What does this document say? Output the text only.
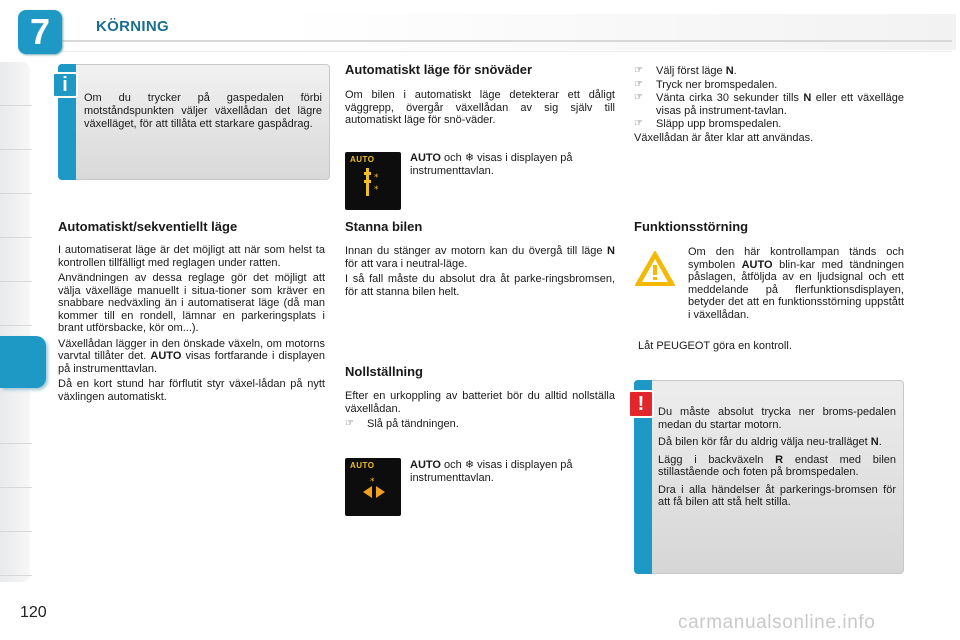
7	KÖRNING
i
Om du trycker på gaspedalen förbi motståndspunkten väljer växellådan det lägre växelläget, för att tillåta ett starkare gaspådrag.
Automatiskt/sekventiellt läge

I automatiserat läge är det möjligt att när som helst ta kontrollen tillfälligt med reglagen under ratten.

Användningen av dessa reglage gör det möjligt att välja växelläge manuellt i situa-tioner som kräver en snabbare nedväxling än i automatiserat läge (då man kommer till en rondell, lämnar en parkeringsplats i brant utförsbacke, kör om...).

Växellådan lägger in den önskade växeln, om motorns varvtal tillåter det. AUTO visas fortfarande i displayen på instrumenttavlan.

Då en kort stund har förflutit styr växel-lådan på nytt växlingen automatiskt.

Automatiskt läge för snöväder
Om bilen i automatiskt läge detekterar ett dåligt väggrepp, övergår växellådan av sig själv till automatiskt läge för snö-väder.
AUTO
*
*
AUTO och ❄ visas i displayen på instrumenttavlan.
Stanna bilen

Innan du stänger av motorn kan du övergå till läge N för att vara i neutral-läge.

I så fall måste du absolut dra åt parke-ringsbromsen, för att stanna bilen helt.

Nollställning

Efter en urkoppling av batteriet bör du alltid nollställa växellådan.

☞	Slå på tändningen.
AUTO
*
AUTO och ❄ visas i displayen på instrumenttavlan.
☞	Välj först läge N.
☞	Tryck ner bromspedalen.
☞	Vänta cirka 30 sekunder tills N eller ett växelläge visas på instrument-tavlan.
☞	Släpp upp bromspedalen.

Växellådan är åter klar att användas.

Funktionsstörning
Om den här kontrollampan tänds och symbolen AUTO blin-kar med tändningen påslagen, åtföljda av en ljudsignal och ett meddelande på flerfunktionsdisplayen, betyder det att en funktionsstörning uppstått i växellådan.
Låt PEUGEOT göra en kontroll.
!	Du måste absolut trycka ner broms-pedalen medan du startar motorn.

Då bilen kör får du aldrig välja neu-tralläget N.

Lägg i backväxeln R endast med bilen stillastående och foten på bromspedalen.

Dra i alla händelser åt parkerings-bromsen för att få bilen att stå helt stilla.

120	carmanualsonline.info
